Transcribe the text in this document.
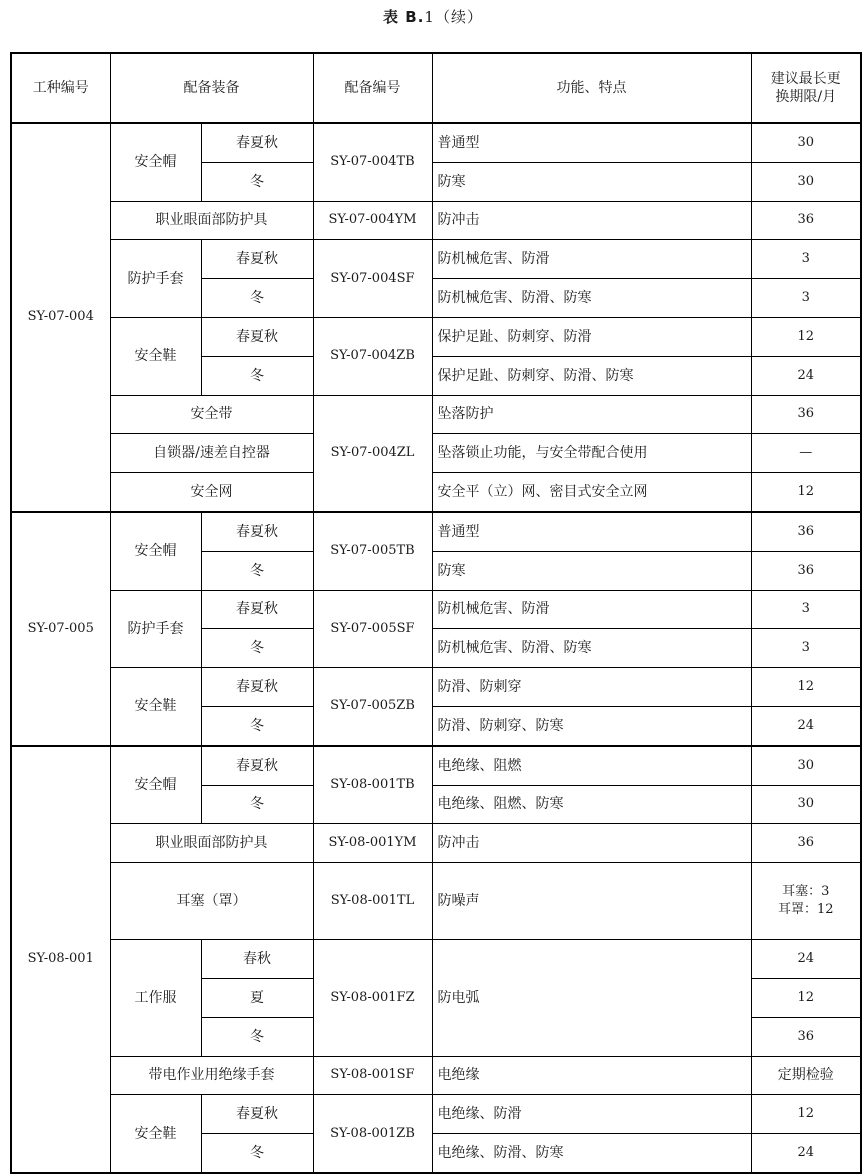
表 B.1（续）
工种编号	配备装备		配备编号	功能、特点	建议最长更
换期限/月

SY-07-004	安全帽	春夏秋	SY-07-004TB	普通型	30
		冬		防寒	30
	职业眼面部防护具		SY-07-004YM	防冲击	36
	防护手套	春夏秋	SY-07-004SF	防机械危害、防滑	3
		冬		防机械危害、防滑、防寒	3
	安全鞋	春夏秋	SY-07-004ZB	保护足趾、防刺穿、防滑	12
		冬		保护足趾、防刺穿、防滑、防寒	24
	安全带		SY-07-004ZL	坠落防护	36
	自锁器/速差自控器			坠落锁止功能，与安全带配合使用	—
	安全网			安全平（立）网、密目式安全立网	12
SY-07-005	安全帽	春夏秋	SY-07-005TB	普通型	36
		冬		防寒	36
	防护手套	春夏秋	SY-07-005SF	防机械危害、防滑	3
		冬		防机械危害、防滑、防寒	3
	安全鞋	春夏秋	SY-07-005ZB	防滑、防刺穿	12
		冬		防滑、防刺穿、防寒	24
SY-08-001	安全帽	春夏秋	SY-08-001TB	电绝缘、阻燃	30
		冬		电绝缘、阻燃、防寒	30
	职业眼面部防护具		SY-08-001YM	防冲击	36
	耳塞（罩）		SY-08-001TL	防噪声	耳塞：3
耳罩：12

	工作服	春秋	SY-08-001FZ	防电弧	24
		夏			12
		冬			36
	带电作业用绝缘手套		SY-08-001SF	电绝缘	定期检验
	安全鞋	春夏秋	SY-08-001ZB	电绝缘、防滑	12
		冬		电绝缘、防滑、防寒	24
